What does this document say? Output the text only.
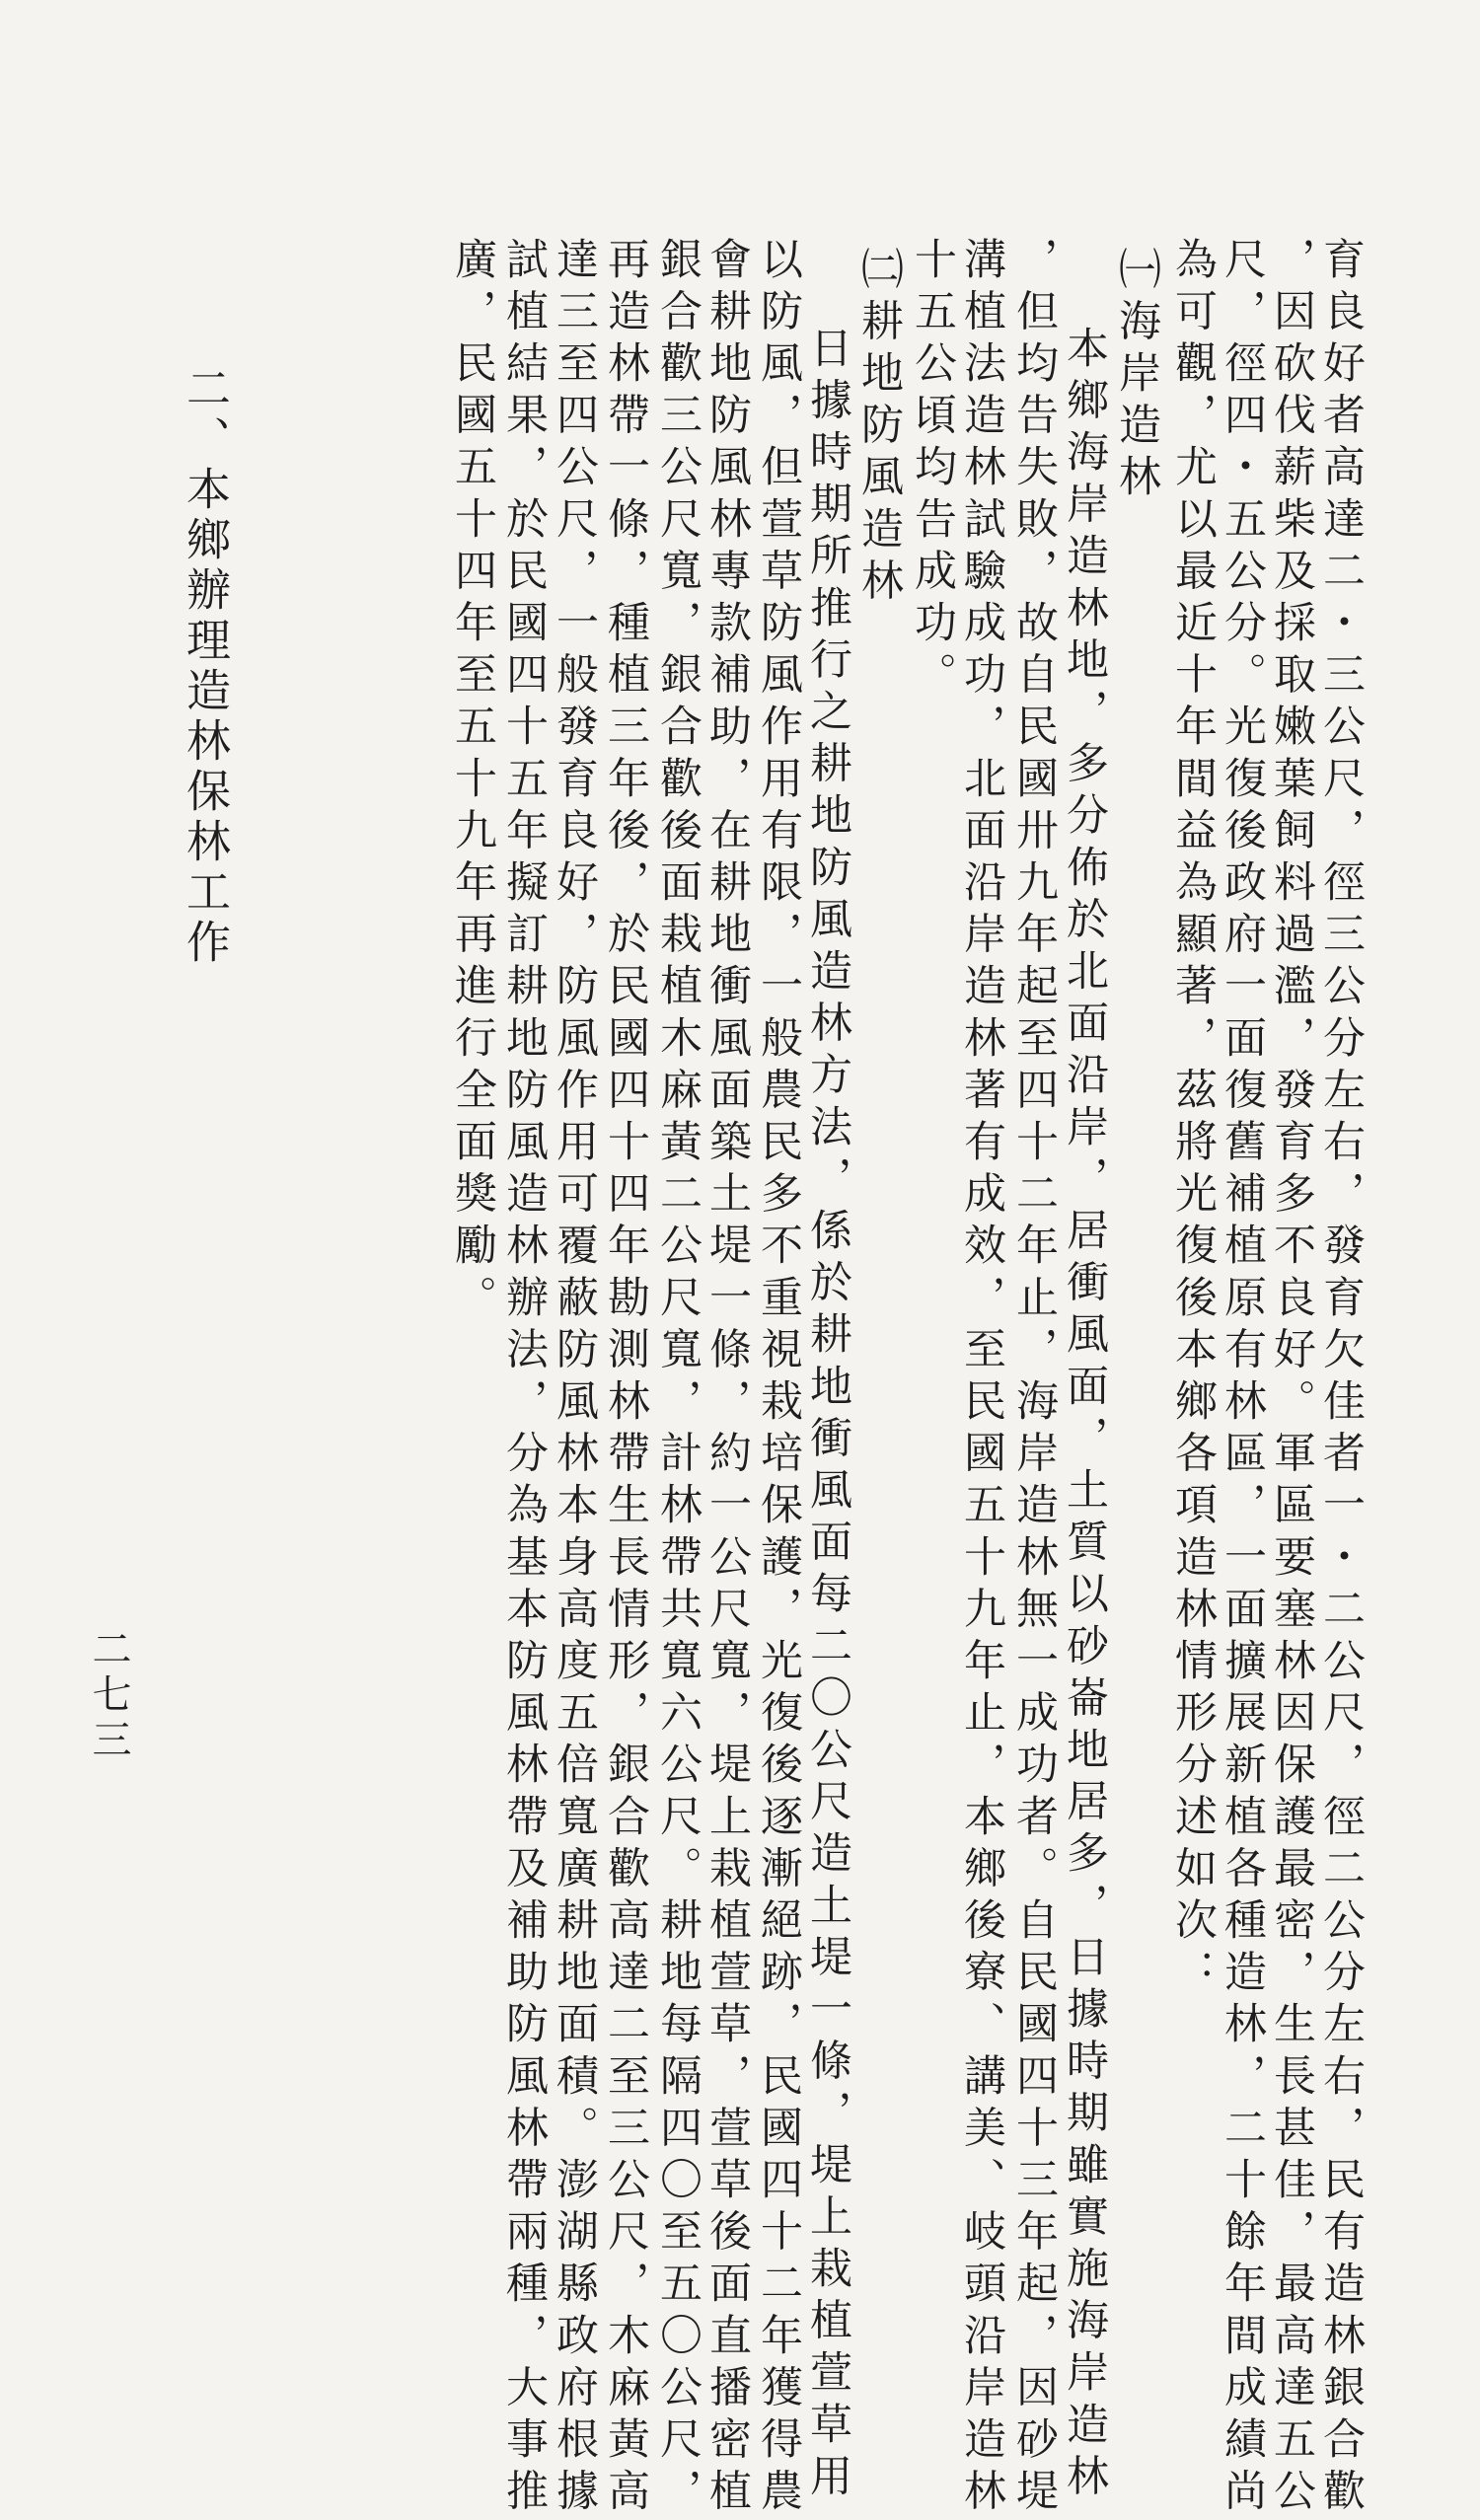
育良好者高達二・三公尺，徑三公分左右，發育欠佳者一・二公尺，徑二公分左右，民有造林銀合歡
，因砍伐薪柴及採取嫩葉飼料過濫，發育多不良好。軍區要塞林因保護最密，生長甚佳，最高達五公
尺，徑四・五公分。光復後政府一面復舊補植原有林區，一面擴展新植各種造林，二十餘年間成績尚
為可觀，尤以最近十年間益為顯著，茲將光復後本鄉各項造林情形分述如次：
㈠海岸造林
本鄉海岸造林地，多分佈於北面沿岸，居衝風面，土質以砂崙地居多，日據時期雖實施海岸造林
，但均告失敗，故自民國卅九年起至四十二年止，海岸造林無一成功者。自民國四十三年起，因砂堤
溝植法造林試驗成功，北面沿岸造林著有成效，至民國五十九年止，本鄉後寮、講美、岐頭沿岸造林
十五公頃均告成功。
㈡耕地防風造林
日據時期所推行之耕地防風造林方法，係於耕地衝風面每二〇公尺造土堤一條，堤上栽植萱草用
以防風，但萱草防風作用有限，一般農民多不重視栽培保護，光復後逐漸絕跡，民國四十二年獲得農
會耕地防風林專款補助，在耕地衝風面築土堤一條，約一公尺寬，堤上栽植萱草，萱草後面直播密植
銀合歡三公尺寬，銀合歡後面栽植木麻黃二公尺寬，計林帶共寬六公尺。耕地每隔四〇至五〇公尺，
再造林帶一條，種植三年後，於民國四十四年勘測林帶生長情形，銀合歡高達二至三公尺，木麻黃高
達三至四公尺，一般發育良好，防風作用可覆蔽防風林本身高度五倍寬廣耕地面積。澎湖縣政府根據
試植結果，於民國四十五年擬訂耕地防風造林辦法，分為基本防風林帶及補助防風林帶兩種，大事推
廣，民國五十四年至五十九年再進行全面獎勵。
二、本鄉辦理造林保林工作
二七三
